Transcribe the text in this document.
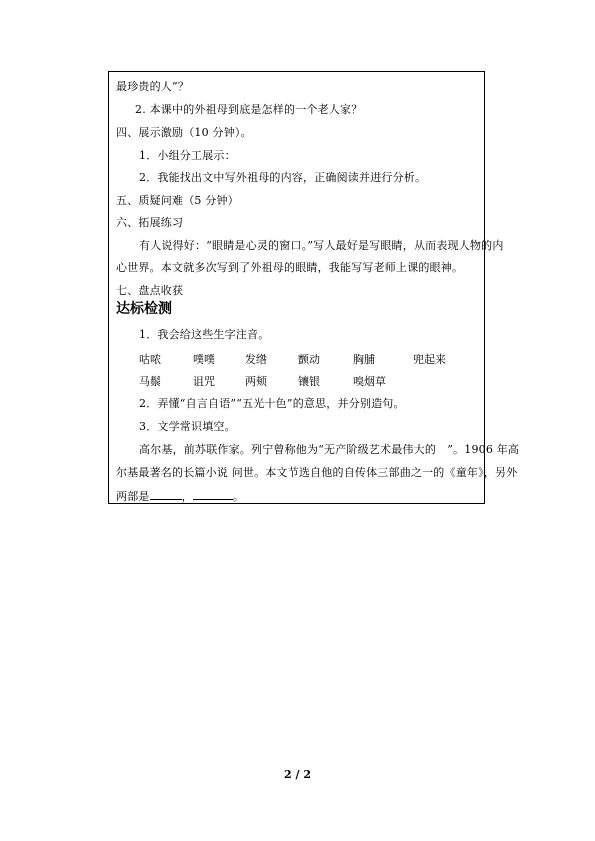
最珍贵的人”？
2. 本课中的外祖母到底是怎样的一个老人家？
四、展示激励（10 分钟）。
1．小组分工展示：
2．我能找出文中写外祖母的内容，正确阅读并进行分析。
五、质疑问难（5 分钟）
六、拓展练习
有人说得好：“眼睛是心灵的窗口。”写人最好是写眼睛，从而表现人物的内
心世界。本文就多次写到了外祖母的眼睛，我能写写老师上课的眼神。
七、盘点收获
达标检测
1．我会给这些生字注音。
咕哝	噗噗	发绺	颤动	胸脯	兜起来
马鬃	诅咒	两颊	镶银	嗅烟草
2．弄懂“自言自语”“五光十色”的意思，并分别造句。
3．文学常识填空。
高尔基，前苏联作家。列宁曾称他为“无产阶级艺术最伟大的　”。1906 年高
尔基最著名的长篇小说 问世。本文节选自他的自传体三部曲之一的《童年》，另外
两部是	，	。
2 / 2
